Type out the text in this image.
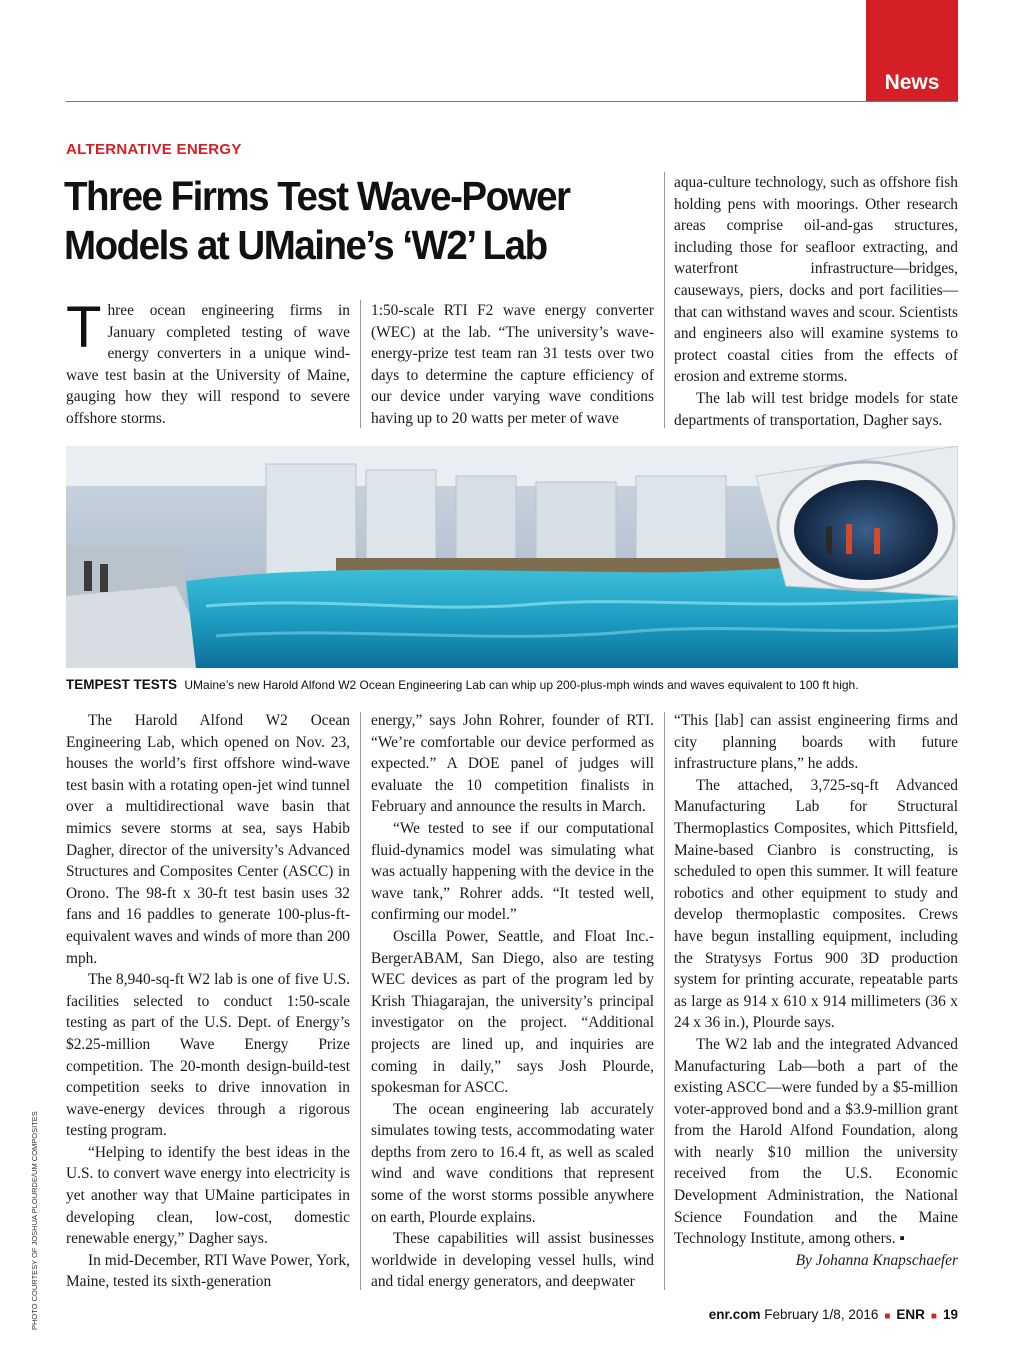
News
ALTERNATIVE ENERGY
Three Firms Test Wave-Power
Models at UMaine’s ‘W2’ Lab

Three ocean engineering firms in January completed testing of wave energy converters in a unique wind-wave test basin at the University of Maine, gauging how they will respond to severe offshore storms.

1:50-scale RTI F2 wave energy converter (WEC) at the lab. “The university’s wave-energy-prize test team ran 31 tests over two days to determine the capture efficiency of our device under varying wave conditions having up to 20 watts per meter of wave

aqua-culture technology, such as offshore fish holding pens with moorings. Other research areas comprise oil-and-gas structures, including those for seafloor extracting, and waterfront infrastructure—bridges, causeways, piers, docks and port facilities—that can withstand waves and scour. Scientists and engineers also will examine systems to protect coastal cities from the effects of erosion and extreme storms.

The lab will test bridge models for state departments of transportation, Dagher says.

TEMPEST TESTS UMaine’s new Harold Alfond W2 Ocean Engineering Lab can whip up 200-plus-mph winds and waves equivalent to 100 ft high.
PHOTO COURTESY OF JOSHUA PLOURDE/UM COMPOSITES

The Harold Alfond W2 Ocean Engineering Lab, which opened on Nov. 23, houses the world’s first offshore wind-wave test basin with a rotating open-jet wind tunnel over a multidirectional wave basin that mimics severe storms at sea, says Habib Dagher, director of the university’s Advanced Structures and Composites Center (ASCC) in Orono. The 98-ft x 30-ft test basin uses 32 fans and 16 paddles to generate 100-plus-ft-equivalent waves and winds of more than 200 mph.

The 8,940-sq-ft W2 lab is one of five U.S. facilities selected to conduct 1:50-scale testing as part of the U.S. Dept. of Energy’s $2.25-million Wave Energy Prize competition. The 20-month design-build-test competition seeks to drive innovation in wave-energy devices through a rigorous testing program.

“Helping to identify the best ideas in the U.S. to convert wave energy into electricity is yet another way that UMaine participates in developing clean, low-cost, domestic renewable energy,” Dagher says.

In mid-December, RTI Wave Power, York, Maine, tested its sixth-generation

energy,” says John Rohrer, founder of RTI. “We’re comfortable our device performed as expected.” A DOE panel of judges will evaluate the 10 competition finalists in February and announce the results in March.

“We tested to see if our computational fluid-dynamics model was simulating what was actually happening with the device in the wave tank,” Rohrer adds. “It tested well, confirming our model.”

Oscilla Power, Seattle, and Float Inc.-BergerABAM, San Diego, also are testing WEC devices as part of the program led by Krish Thiagarajan, the university’s principal investigator on the project. “Additional projects are lined up, and inquiries are coming in daily,” says Josh Plourde, spokesman for ASCC.

The ocean engineering lab accurately simulates towing tests, accommodating water depths from zero to 16.4 ft, as well as scaled wind and wave conditions that represent some of the worst storms possible anywhere on earth, Plourde explains.

These capabilities will assist businesses worldwide in developing vessel hulls, wind and tidal energy generators, and deepwater

“This [lab] can assist engineering firms and city planning boards with future infrastructure plans,” he adds.

The attached, 3,725-sq-ft Advanced Manufacturing Lab for Structural Thermoplastics Composites, which Pittsfield, Maine-based Cianbro is constructing, is scheduled to open this summer. It will feature robotics and other equipment to study and develop thermoplastic composites. Crews have begun installing equipment, including the Stratysys Fortus 900 3D production system for printing accurate, repeatable parts as large as 914 x 610 x 914 millimeters (36 x 24 x 36 in.), Plourde says.

The W2 lab and the integrated Advanced Manufacturing Lab—both a part of the existing ASCC—were funded by a $5-million voter-approved bond and a $3.9-million grant from the Harold Alfond Foundation, along with nearly $10 million the university received from the U.S. Economic Development Administration, the National Science Foundation and the Maine Technology Institute, among others. ▪

By Johanna Knapschaefer

enr.com February 1/8, 2016 ■ ENR ■ 19
